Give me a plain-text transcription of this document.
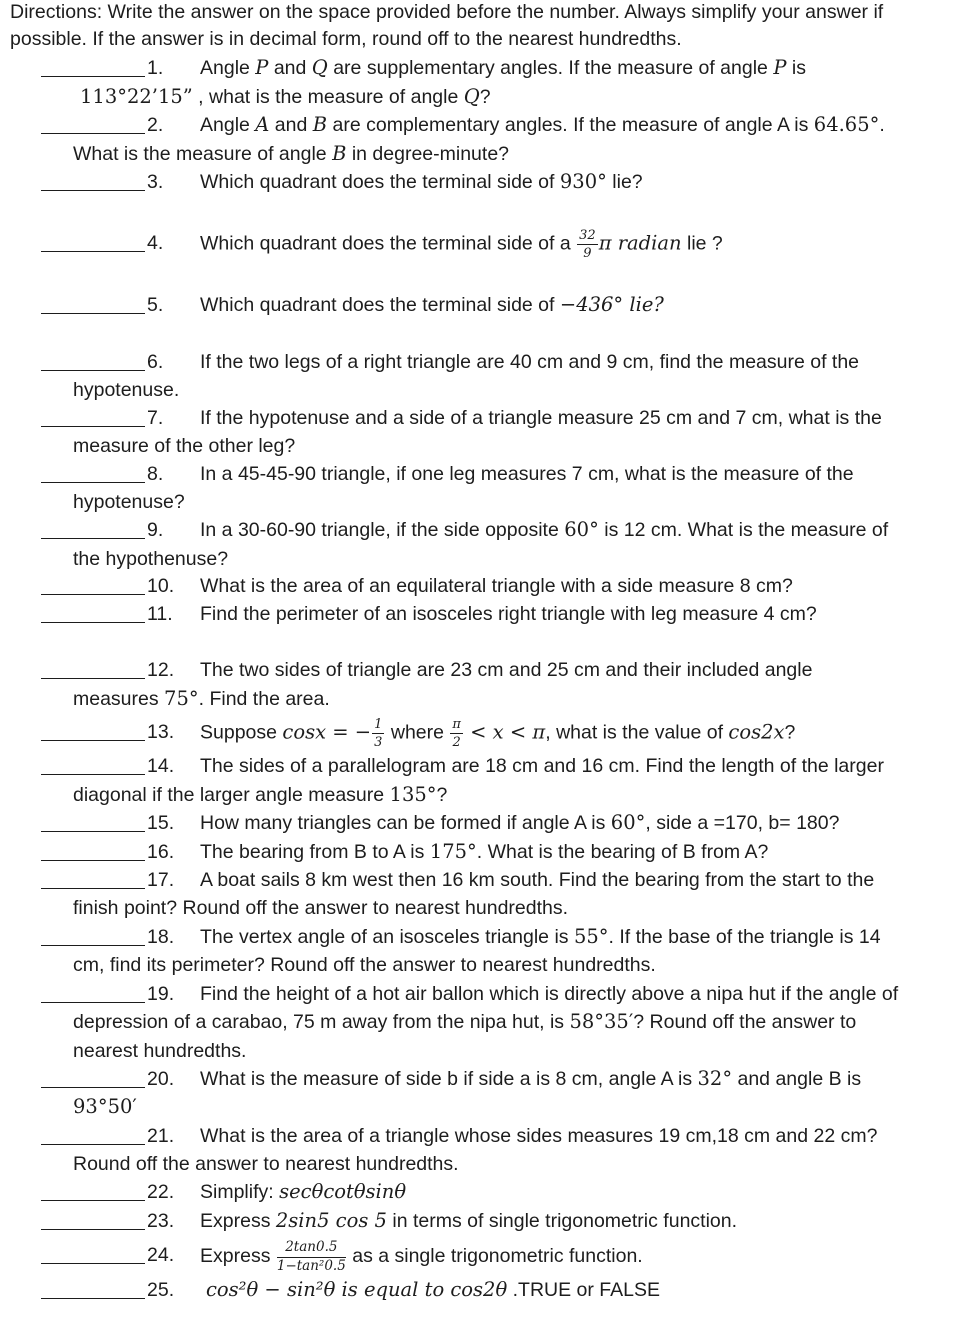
Directions: Write the answer on the space provided before the number. Always simplify your answer if
possible. If the answer is in decimal form, round off to the nearest hundredths.
1. Angle P and Q are supplementary angles. If the measure of angle P is
113°22’15” , what is the measure of angle Q?
2. Angle A and B are complementary angles. If the measure of angle A is 64.65°.
What is the measure of angle B in degree-minute?
3. Which quadrant does the terminal side of 930° lie?
4. Which quadrant does the terminal side of a $\frac{32}{9}$ π radian lie ?
5. Which quadrant does the terminal side of −436° lie?
6. If the two legs of a right triangle are 40 cm and 9 cm, find the measure of the
hypotenuse.
7. If the hypotenuse and a side of a triangle measure 25 cm and 7 cm, what is the
measure of the other leg?
8. In a 45-45-90 triangle, if one leg measures 7 cm, what is the measure of the
hypotenuse?
9. In a 30-60-90 triangle, if the side opposite 60° is 12 cm. What is the measure of
the hypothenuse?
10. What is the area of an equilateral triangle with a side measure 8 cm?
11. Find the perimeter of an isosceles right triangle with leg measure 4 cm?
12. The two sides of triangle are 23 cm and 25 cm and their included angle
measures 75°. Find the area.
13. Suppose cosx = − $\frac{1}{3}$ where $\frac{\pi}{2} < x < \pi$, what is the value of cos2x?
14. The sides of a parallelogram are 18 cm and 16 cm. Find the length of the larger
diagonal if the larger angle measure 135°?
15. How many triangles can be formed if angle A is 60°, side a =170, b= 180?
16. The bearing from B to A is 175°. What is the bearing of B from A?
17. A boat sails 8 km west then 16 km south. Find the bearing from the start to the
finish point? Round off the answer to nearest hundredths.
18. The vertex angle of an isosceles triangle is 55°. If the base of the triangle is 14
cm, find its perimeter? Round off the answer to nearest hundredths.
19. Find the height of a hot air ballon which is directly above a nipa hut if the angle of
depression of a carabao, 75 m away from the nipa hut, is 58°35′? Round off the answer to
nearest hundredths.
20. What is the measure of side b if side a is 8 cm, angle A is 32° and angle B is
93°50′
21. What is the area of a triangle whose sides measures 19 cm,18 cm and 22 cm?
Round off the answer to nearest hundredths.
22. Simplify: secθcotθsinθ
23. Express 2sin5 cos 5 in terms of single trigonometric function.
24. Express $\frac{2\tan 0.5}{\text{1−tan²0.5}}$ as a single trigonometric function.
25. cos²θ − sin²θ is equal to cos2θ .TRUE or FALSE
